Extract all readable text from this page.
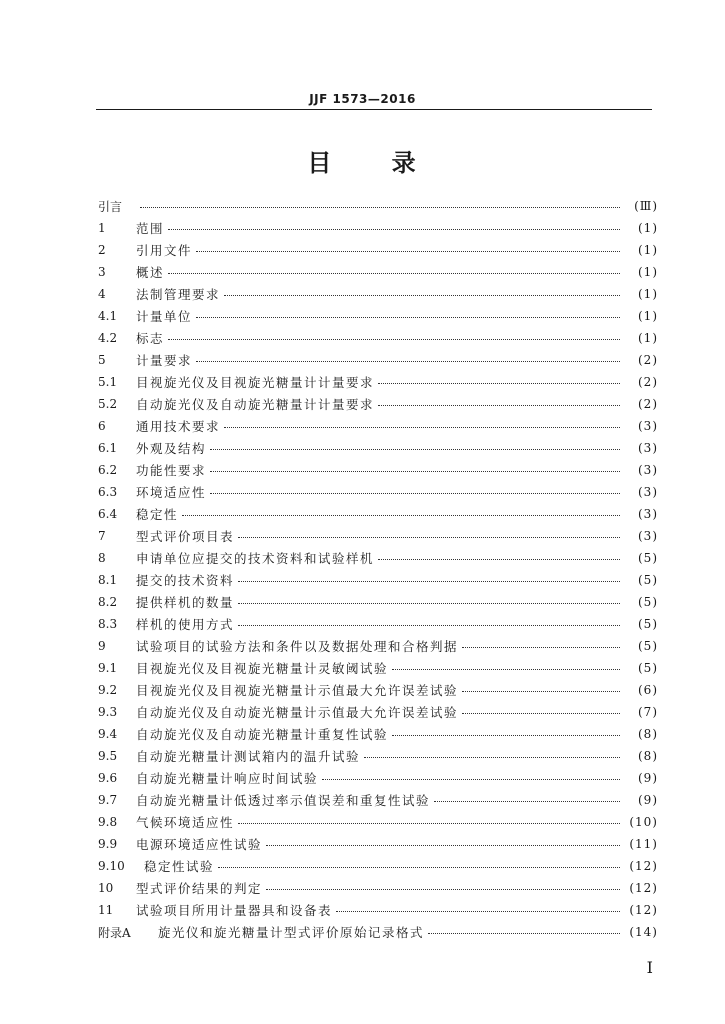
JJF 1573—2016
目 录
引言	(Ⅲ)
1	范围	(1)
2	引用文件	(1)
3	概述	(1)
4	法制管理要求	(1)
4.1	计量单位	(1)
4.2	标志	(1)
5	计量要求	(2)
5.1	目视旋光仪及目视旋光糖量计计量要求	(2)
5.2	自动旋光仪及自动旋光糖量计计量要求	(2)
6	通用技术要求	(3)
6.1	外观及结构	(3)
6.2	功能性要求	(3)
6.3	环境适应性	(3)
6.4	稳定性	(3)
7	型式评价项目表	(3)
8	申请单位应提交的技术资料和试验样机	(5)
8.1	提交的技术资料	(5)
8.2	提供样机的数量	(5)
8.3	样机的使用方式	(5)
9	试验项目的试验方法和条件以及数据处理和合格判据	(5)
9.1	目视旋光仪及目视旋光糖量计灵敏阈试验	(5)
9.2	目视旋光仪及目视旋光糖量计示值最大允许误差试验	(6)
9.3	自动旋光仪及自动旋光糖量计示值最大允许误差试验	(7)
9.4	自动旋光仪及自动旋光糖量计重复性试验	(8)
9.5	自动旋光糖量计测试箱内的温升试验	(8)
9.6	自动旋光糖量计响应时间试验	(9)
9.7	自动旋光糖量计低透过率示值误差和重复性试验	(9)
9.8	气候环境适应性	(10)
9.9	电源环境适应性试验	(11)
9.10	稳定性试验	(12)
10	型式评价结果的判定	(12)
11	试验项目所用计量器具和设备表	(12)
附录A	旋光仪和旋光糖量计型式评价原始记录格式	(14)
I
